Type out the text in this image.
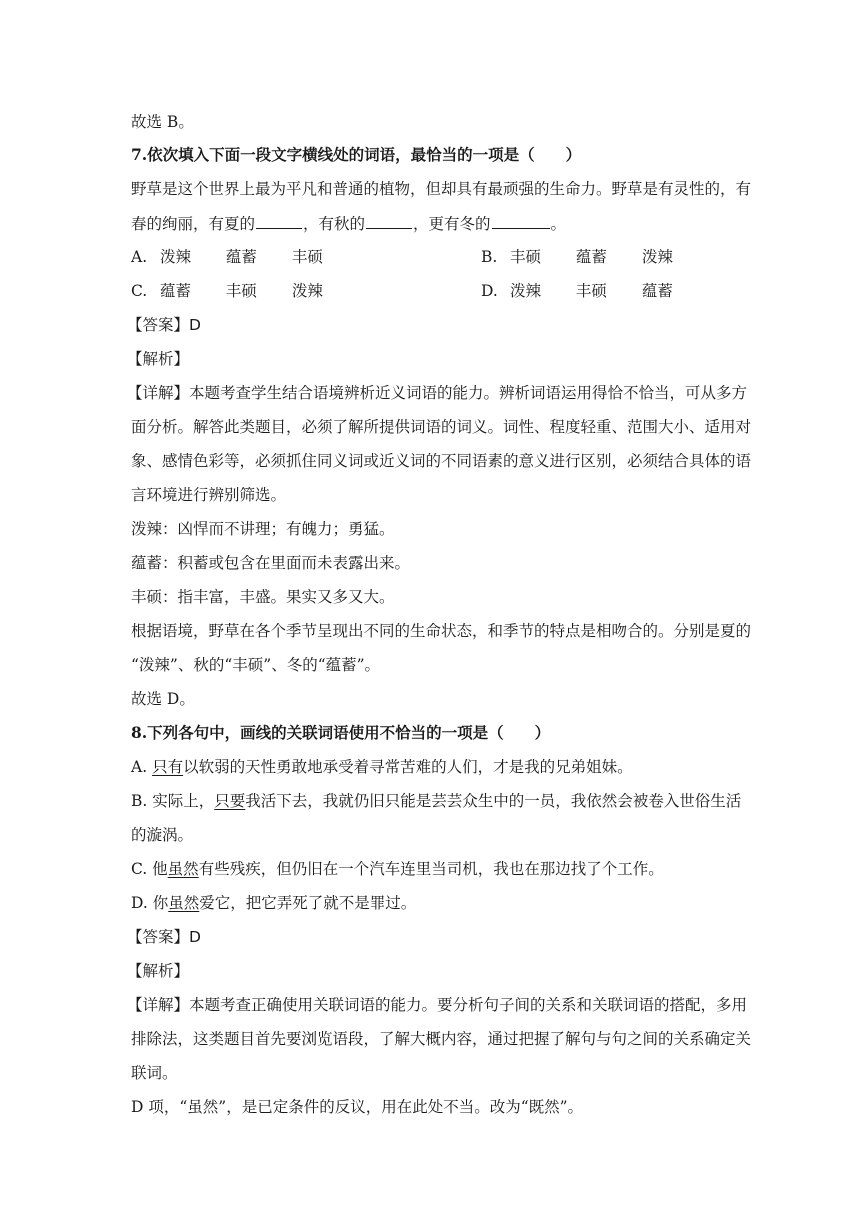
故选 B。
7.依次填入下面一段文字横线处的词语，最恰当的一项是（　　）
野草是这个世界上最为平凡和普通的植物，但却具有最顽强的生命力。野草是有灵性的，有
春的绚丽，有夏的	，有秋的	，更有冬的	。
A. 泼辣 蕴蓄 丰硕	B. 丰硕 蕴蓄 泼辣
C. 蕴蓄 丰硕 泼辣	D. 泼辣 丰硕 蕴蓄
【答案】D
【解析】
【详解】本题考查学生结合语境辨析近义词语的能力。辨析词语运用得恰不恰当，可从多方
面分析。解答此类题目，必须了解所提供词语的词义。词性、程度轻重、范围大小、适用对
象、感情色彩等，必须抓住同义词或近义词的不同语素的意义进行区别，必须结合具体的语
言环境进行辨别筛选。
泼辣：凶悍而不讲理；有魄力；勇猛。
蕴蓄：积蓄或包含在里面而未表露出来。
丰硕：指丰富，丰盛。果实又多又大。
根据语境，野草在各个季节呈现出不同的生命状态，和季节的特点是相吻合的。分别是夏的
“泼辣”、秋的“丰硕”、冬的“蕴蓄”。
故选 D。
8.下列各句中，画线的关联词语使用不恰当的一项是（　　）
A. 只有以软弱的天性勇敢地承受着寻常苦难的人们，才是我的兄弟姐妹。
B. 实际上，只要我活下去，我就仍旧只能是芸芸众生中的一员，我依然会被卷入世俗生活
的漩涡。
C. 他虽然有些残疾，但仍旧在一个汽车连里当司机，我也在那边找了个工作。
D. 你虽然爱它，把它弄死了就不是罪过。
【答案】D
【解析】
【详解】本题考查正确使用关联词语的能力。要分析句子间的关系和关联词语的搭配，多用
排除法，这类题目首先要浏览语段，了解大概内容，通过把握了解句与句之间的关系确定关
联词。
D 项，“虽然”，是已定条件的反议，用在此处不当。改为“既然”。
